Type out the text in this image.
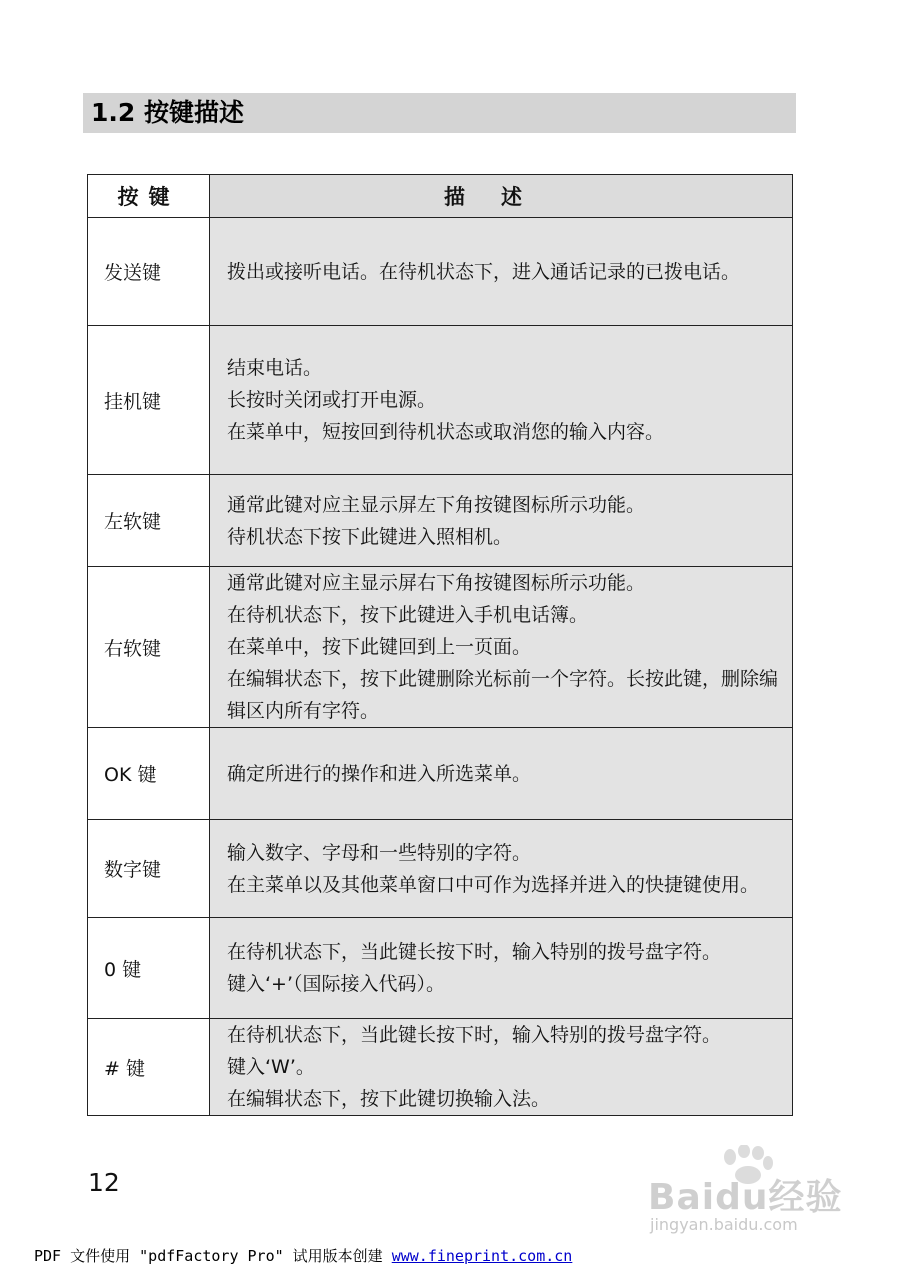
1.2 按键描述
按键	描述
发送键	拨出或接听电话。在待机状态下，进入通话记录的已拨电话。

挂机键	结束电话。
长按时关闭或打开电源。
在菜单中，短按回到待机状态或取消您的输入内容。

左软键	通常此键对应主显示屏左下角按键图标所示功能。
待机状态下按下此键进入照相机。

右软键	通常此键对应主显示屏右下角按键图标所示功能。
在待机状态下，按下此键进入手机电话簿。
在菜单中，按下此键回到上一页面。
在编辑状态下，按下此键删除光标前一个字符。长按此键，删除编辑区内所有字符。

OK 键	确定所进行的操作和进入所选菜单。

数字键	输入数字、字母和一些特别的字符。
在主菜单以及其他菜单窗口中可作为选择并进入的快捷键使用。

0 键	在待机状态下，当此键长按下时，输入特别的拨号盘字符。
键入‘+’（国际接入代码）。

# 键	在待机状态下，当此键长按下时，输入特别的拨号盘字符。
键入‘W’。
在编辑状态下，按下此键切换输入法。
12	Baidu经验
jingyan.baidu.com
PDF 文件使用 "pdfFactory Pro" 试用版本创建 www.fineprint.com.cn
